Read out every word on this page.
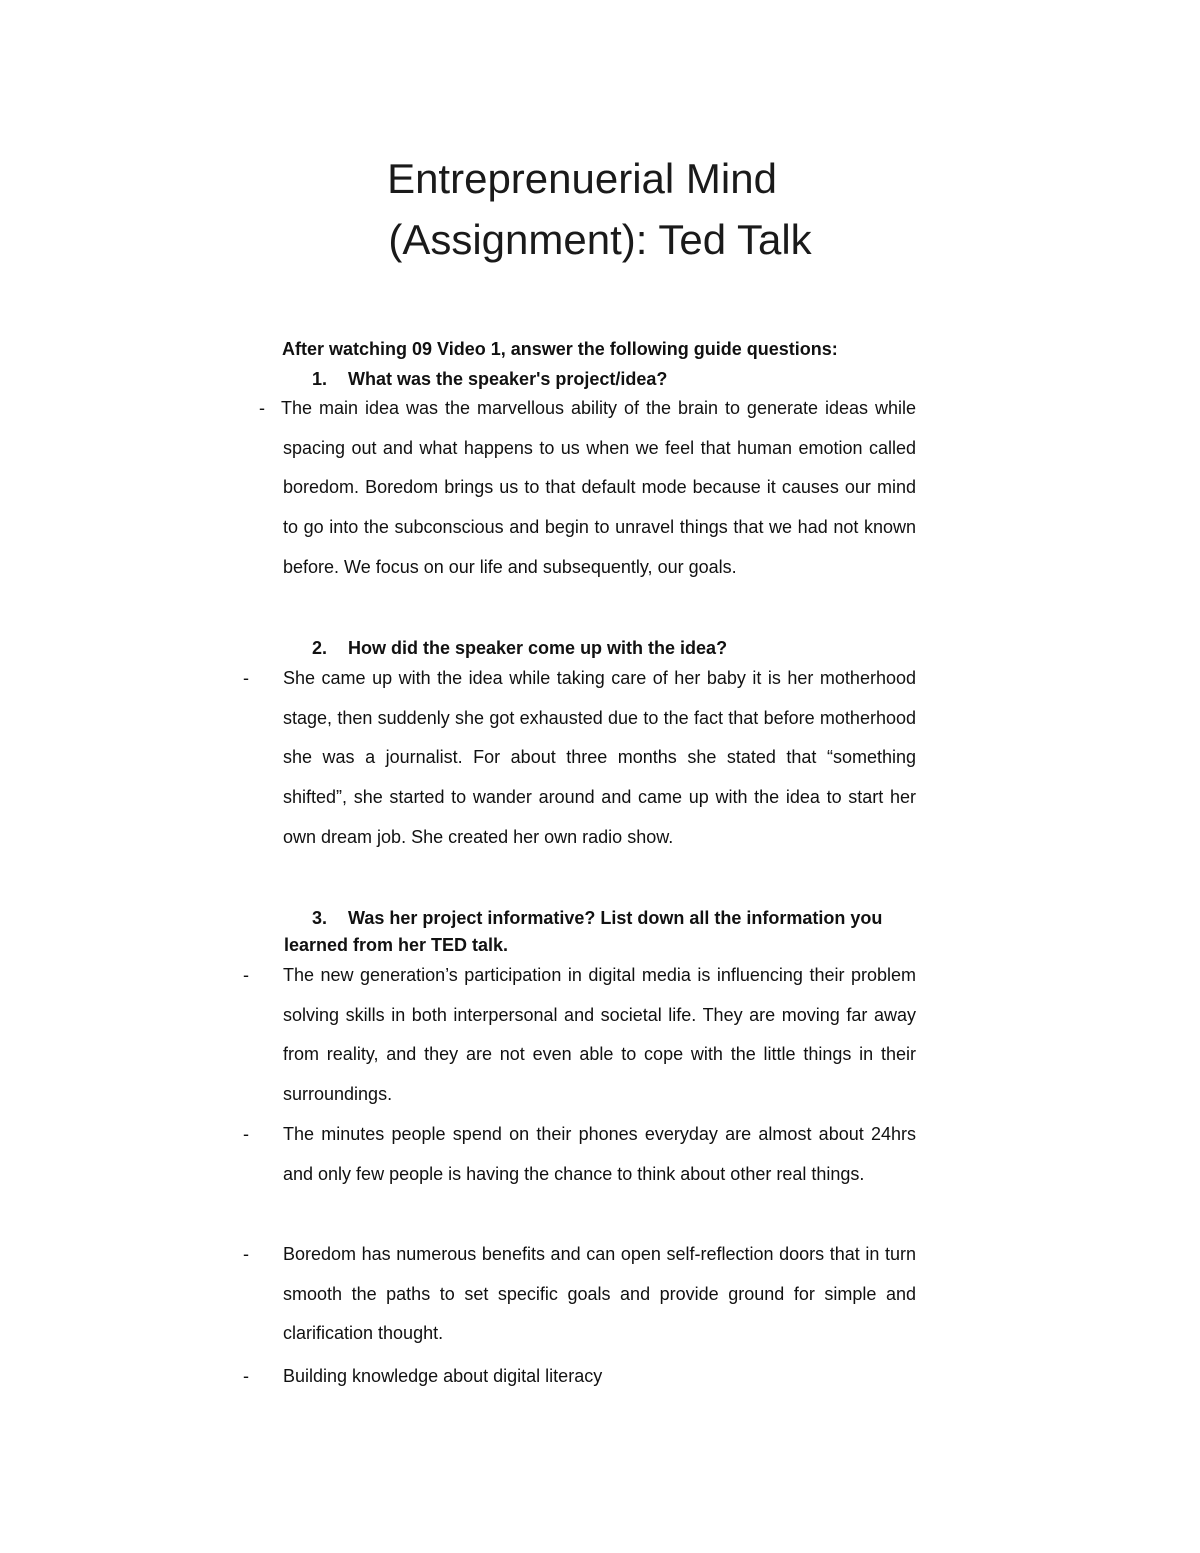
Entreprenuerial Mind
(Assignment): Ted Talk
After watching 09 Video 1, answer the following guide questions:
1. What was the speaker's project/idea?
- The main idea was the marvellous ability of the brain to generate ideas while spacing out and what happens to us when we feel that human emotion called boredom. Boredom brings us to that default mode because it causes our mind to go into the subconscious and begin to unravel things that we had not known before. We focus on our life and subsequently, our goals.

2. How did the speaker come up with the idea?
- She came up with the idea while taking care of her baby it is her motherhood stage, then suddenly she got exhausted due to the fact that before motherhood she was a journalist. For about three months she stated that “something shifted”, she started to wander around and came up with the idea to start her own dream job. She created her own radio show.

3. Was her project informative? List down all the information you
learned from her TED talk.
- The new generation’s participation in digital media is influencing their problem solving skills in both interpersonal and societal life. They are moving far away from reality, and they are not even able to cope with the little things in their surroundings.

- The minutes people spend on their phones everyday are almost about 24hrs and only few people is having the chance to think about other real things.

- Boredom has numerous benefits and can open self-reflection doors that in turn smooth the paths to set specific goals and provide ground for simple and clarification thought.

- Building knowledge about digital literacy
